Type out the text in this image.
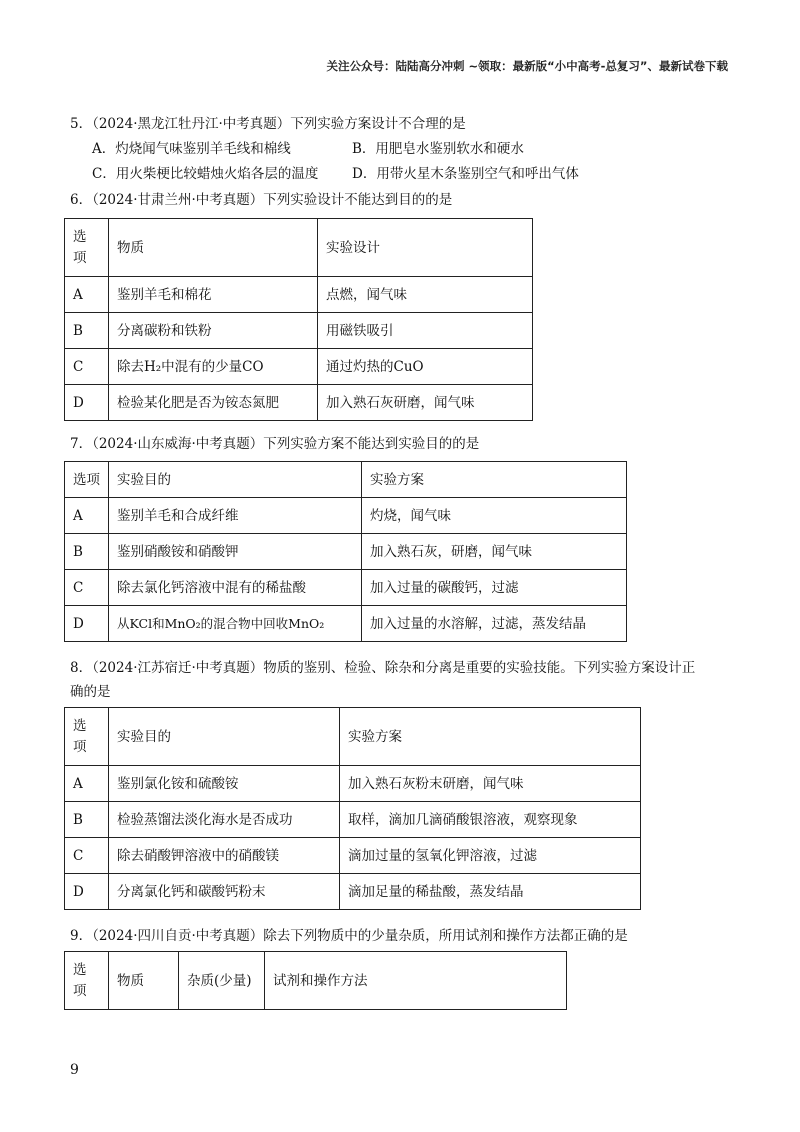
关注公众号：陆陆高分冲刺 ~领取：最新版“小中高考-总复习”、最新试卷下载
5．（2024·黑龙江牡丹江·中考真题）下列实验方案设计不合理的是
A．灼烧闻气味鉴别羊毛线和棉线	B．用肥皂水鉴别软水和硬水
C．用火柴梗比较蜡烛火焰各层的温度 D．用带火星木条鉴别空气和呼出气体
6．（2024·甘肃兰州·中考真题）下列实验设计不能达到目的的是
选
项	物质	实验设计
A	鉴别羊毛和棉花	点燃，闻气味
B	分离碳粉和铁粉	用磁铁吸引
C	除去H₂中混有的少量CO	通过灼热的CuO
D	检验某化肥是否为铵态氮肥	加入熟石灰研磨，闻气味
7．（2024·山东威海·中考真题）下列实验方案不能达到实验目的的是
选项	实验目的	实验方案
A	鉴别羊毛和合成纤维	灼烧，闻气味
B	鉴别硝酸铵和硝酸钾	加入熟石灰，研磨，闻气味
C	除去氯化钙溶液中混有的稀盐酸	加入过量的碳酸钙，过滤
D	从KCl和MnO₂的混合物中回收MnO₂	加入过量的水溶解，过滤，蒸发结晶
8．（2024·江苏宿迁·中考真题）物质的鉴别、检验、除杂和分离是重要的实验技能。下列实验方案设计正
确的是
选
项	实验目的	实验方案
A	鉴别氯化铵和硫酸铵	加入熟石灰粉末研磨，闻气味
B	检验蒸馏法淡化海水是否成功	取样，滴加几滴硝酸银溶液，观察现象
C	除去硝酸钾溶液中的硝酸镁	滴加过量的氢氧化钾溶液，过滤
D	分离氯化钙和碳酸钙粉末	滴加足量的稀盐酸，蒸发结晶
9．（2024·四川自贡·中考真题）除去下列物质中的少量杂质，所用试剂和操作方法都正确的是
选
项	物质	杂质(少量)	试剂和操作方法
9
